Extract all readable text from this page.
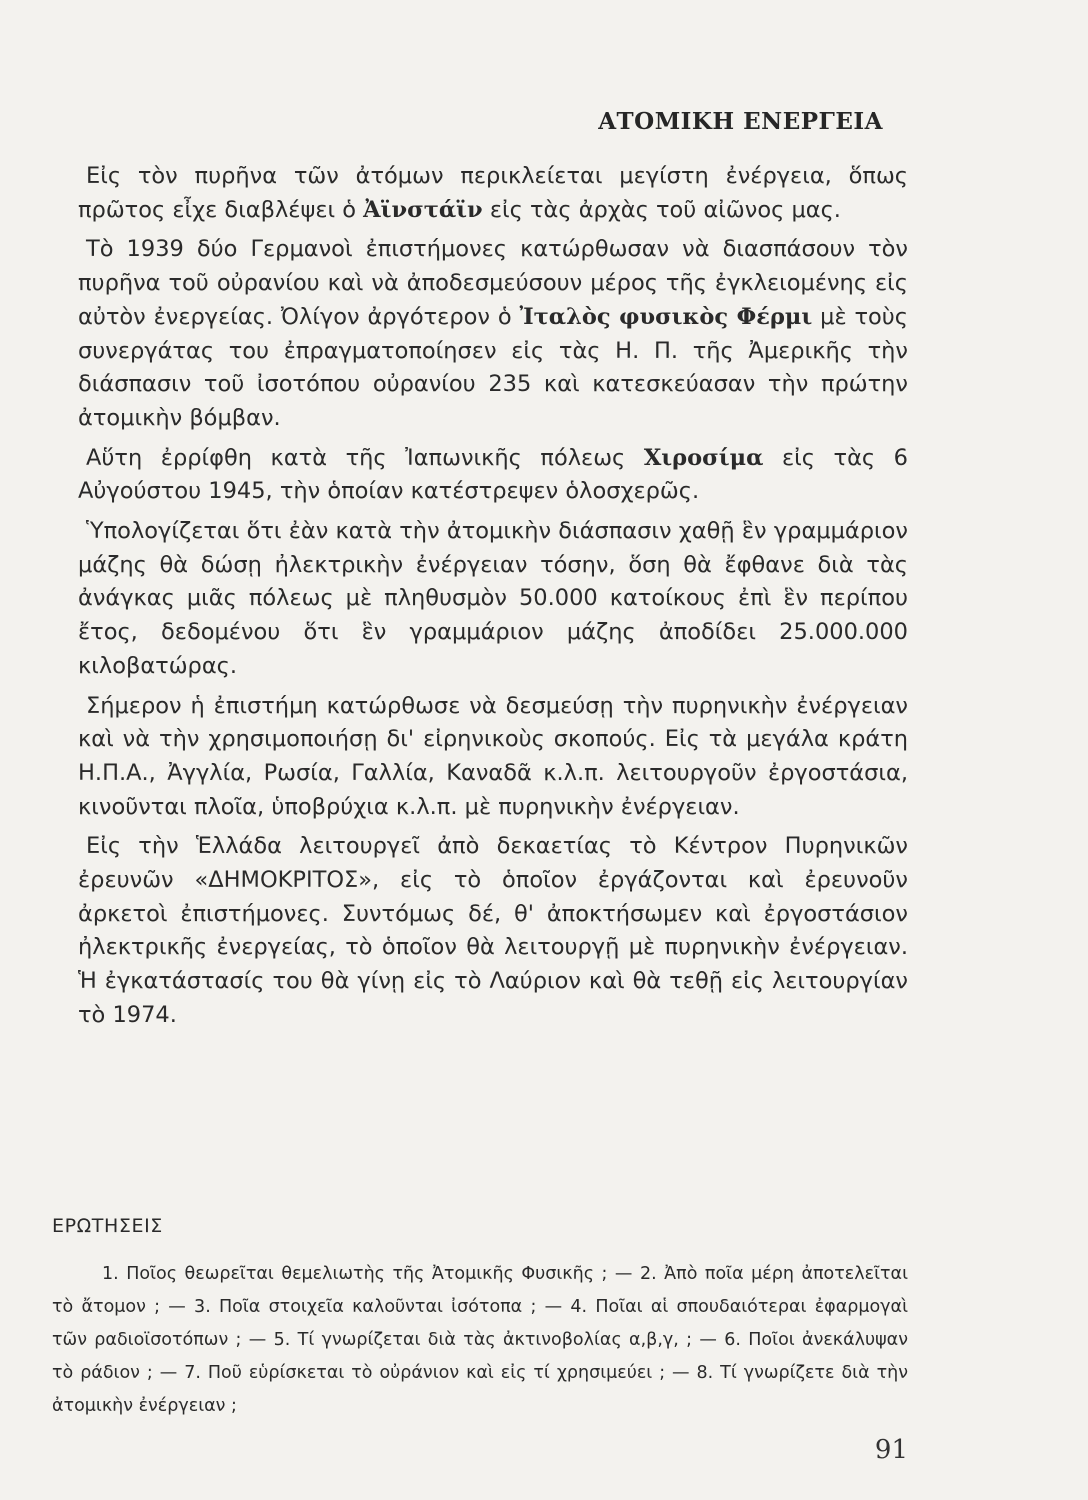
ΑΤΟΜΙΚΗ ΕΝΕΡΓΕΙΑ

Εἰς τὸν πυρῆνα τῶν ἀτόμων περικλείεται μεγίστη ἐνέργεια, ὅπως πρῶτος εἶχε διαβλέψει ὁ Ἀϊνστάϊν εἰς τὰς ἀρχὰς τοῦ αἰῶνος μας.

Τὸ 1939 δύο Γερμανοὶ ἐπιστήμονες κατώρθωσαν νὰ διασπάσουν τὸν πυρῆνα τοῦ οὐρανίου καὶ νὰ ἀποδεσμεύσουν μέρος τῆς ἐγκλειομένης εἰς αὐτὸν ἐνεργείας. Ὀλίγον ἀργότερον ὁ Ἰταλὸς φυσικὸς Φέρμι μὲ τοὺς συνεργάτας του ἐπραγματοποίησεν εἰς τὰς Η. Π. τῆς Ἀμερικῆς τὴν διάσπασιν τοῦ ἰσοτόπου οὐρανίου 235 καὶ κατεσκεύασαν τὴν πρώτην ἀτομικὴν βόμβαν.

Αὕτη ἐρρίφθη κατὰ τῆς Ἰαπωνικῆς πόλεως Χιροσίμα εἰς τὰς 6 Αὐγούστου 1945, τὴν ὁποίαν κατέστρεψεν ὁλοσχερῶς.

Ὑπολογίζεται ὅτι ἐὰν κατὰ τὴν ἀτομικὴν διάσπασιν χαθῇ ἓν γραμμάριον μάζης θὰ δώσῃ ἠλεκτρικὴν ἐνέργειαν τόσην, ὅση θὰ ἔφθανε διὰ τὰς ἀνάγκας μιᾶς πόλεως μὲ πληθυσμὸν 50.000 κατοίκους ἐπὶ ἓν περίπου ἔτος, δεδομένου ὅτι ἓν γραμμάριον μάζης ἀποδίδει 25.000.000 κιλοβατώρας.

Σήμερον ἡ ἐπιστήμη κατώρθωσε νὰ δεσμεύσῃ τὴν πυρηνικὴν ἐνέργειαν καὶ νὰ τὴν χρησιμοποιήσῃ δι' εἰρηνικοὺς σκοπούς. Εἰς τὰ μεγάλα κράτη Η.Π.Α., Ἀγγλία, Ρωσία, Γαλλία, Καναδᾶ κ.λ.π. λειτουργοῦν ἐργοστάσια, κινοῦνται πλοῖα, ὑποβρύχια κ.λ.π. μὲ πυρηνικὴν ἐνέργειαν.

Εἰς τὴν Ἑλλάδα λειτουργεῖ ἀπὸ δεκαετίας τὸ Κέντρον Πυρηνικῶν ἐρευνῶν «ΔΗΜΟΚΡΙΤΟΣ», εἰς τὸ ὁποῖον ἐργάζονται καὶ ἐρευνοῦν ἀρκετοὶ ἐπιστήμονες. Συντόμως δέ, θ' ἀποκτήσωμεν καὶ ἐργοστάσιον ἠλεκτρικῆς ἐνεργείας, τὸ ὁποῖον θὰ λειτουργῇ μὲ πυρηνικὴν ἐνέργειαν. Ἡ ἐγκατάστασίς του θὰ γίνῃ εἰς τὸ Λαύριον καὶ θὰ τεθῇ εἰς λειτουργίαν τὸ 1974.

ΕΡΩΤΗΣΕΙΣ

1. Ποῖος θεωρεῖται θεμελιωτὴς τῆς Ἀτομικῆς Φυσικῆς ; — 2. Ἀπὸ ποῖα μέρη ἀποτελεῖται τὸ ἄτομον ; — 3. Ποῖα στοιχεῖα καλοῦνται ἰσότοπα ; — 4. Ποῖαι αἱ σπουδαιότεραι ἐφαρμογαὶ τῶν ραδιοϊσοτόπων ; — 5. Τί γνωρίζεται διὰ τὰς ἀκτινοβολίας α,β,γ, ; — 6. Ποῖοι ἀνεκάλυψαν τὸ ράδιον ; — 7. Ποῦ εὑρίσκεται τὸ οὐράνιον καὶ εἰς τί χρησιμεύει ; — 8. Τί γνωρίζετε διὰ τὴν ἀτομικὴν ἐνέργειαν ;

91
